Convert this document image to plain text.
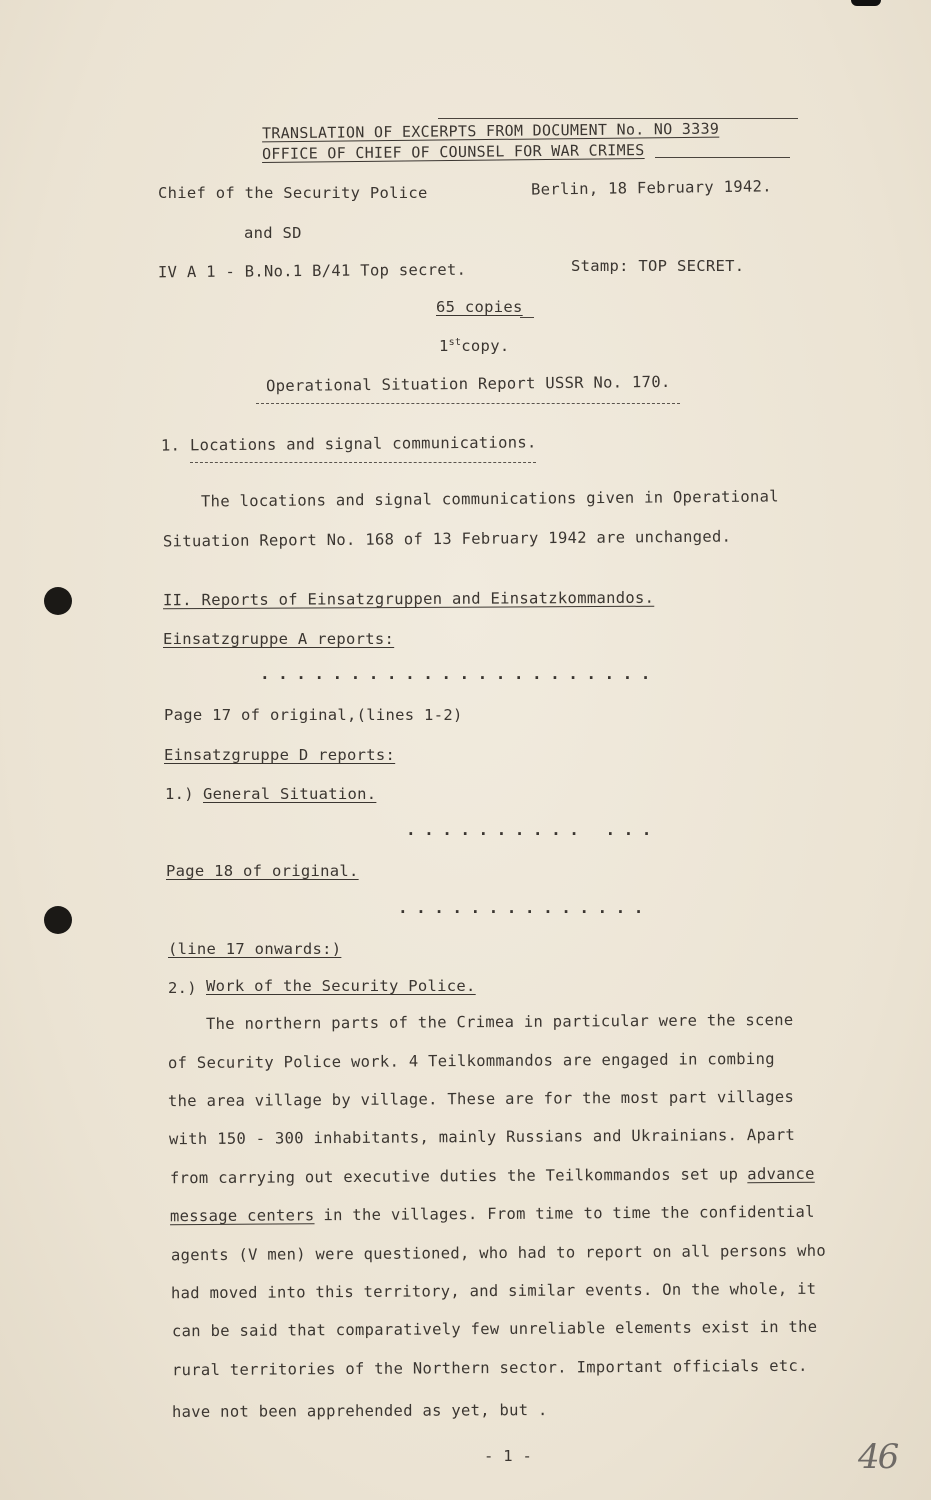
TRANSLATION OF EXCERPTS FROM DOCUMENT No. NO 3339
OFFICE OF CHIEF OF COUNSEL FOR WAR CRIMES
Chief of the Security Police	Berlin, 18 February 1942.
and SD
IV A 1 - B.No.1 B/41 Top secret.	Stamp: TOP SECRET.
65 copies
1stcopy.
Operational Situation Report USSR No. 170.
1. Locations and signal communications.
The locations and signal communications given in Operational
Situation Report No. 168 of 13 February 1942 are unchanged.
II. Reports of Einsatzgruppen and Einsatzkommandos.
Einsatzgruppe A reports:
......................
Page 17 of original,(lines 1-2)
Einsatzgruppe D reports:
1.) General Situation.
.......... ...
Page 18 of original.
..............
(line 17 onwards:)
2.) Work of the Security Police.
The northern parts of the Crimea in particular were the scene
of Security Police work. 4 Teilkommandos are engaged in combing
the area village by village. These are for the most part villages
with 150 - 300 inhabitants, mainly Russians and Ukrainians. Apart
from carrying out executive duties the Teilkommandos set up advance
message centers in the villages. From time to time the confidential
agents (V men) were questioned, who had to report on all persons who
had moved into this territory, and similar events. On the whole, it
can be said that comparatively few unreliable elements exist in the
rural territories of the Northern sector. Important officials etc.
have not been apprehended as yet, but .
- 1 -	46
